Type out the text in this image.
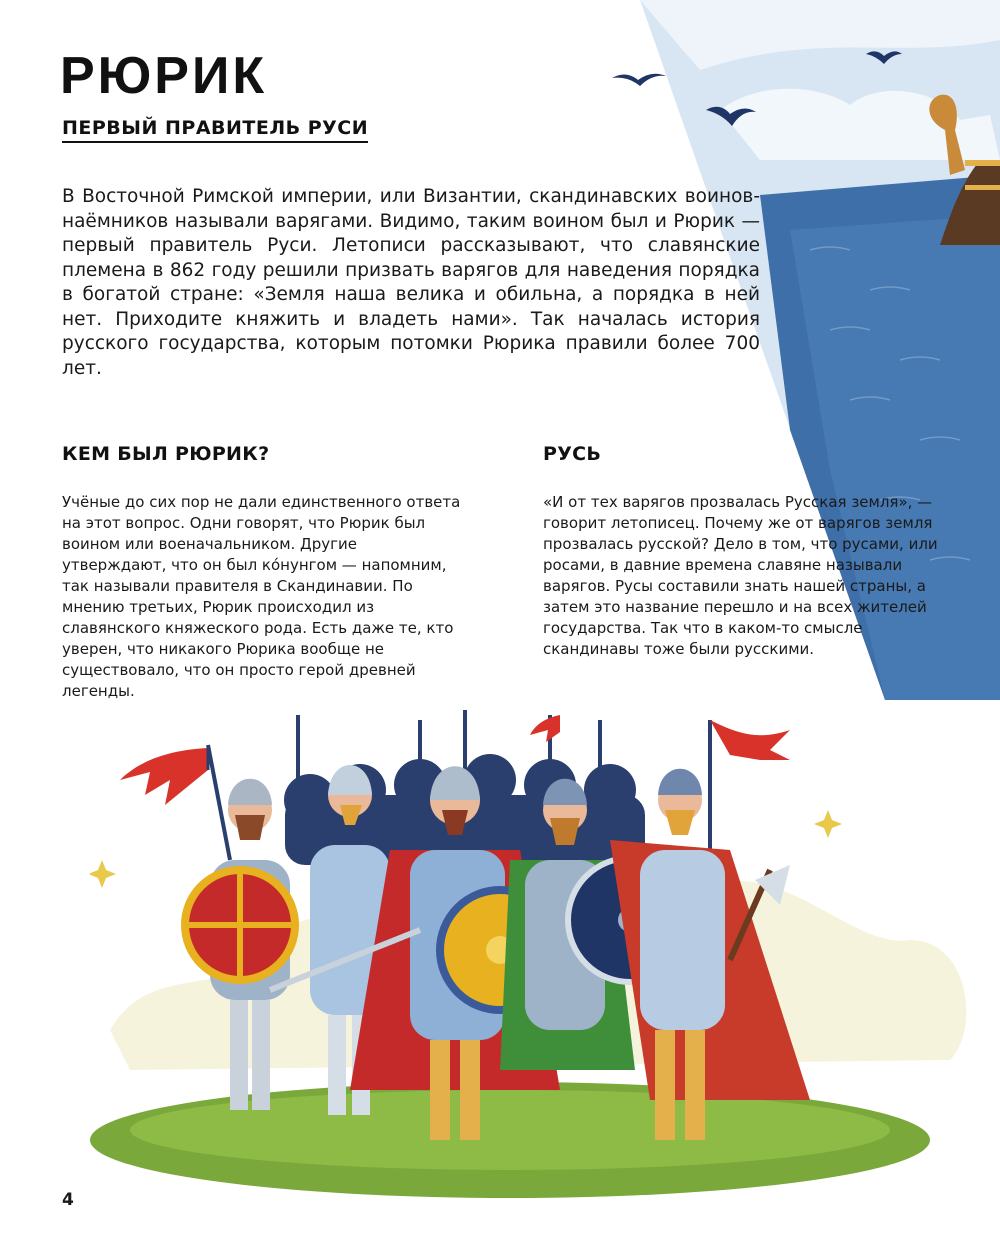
РЮРИК
ПЕРВЫЙ ПРАВИТЕЛЬ РУСИ

В Восточной Римской империи, или Византии, скандинавских воинов-наёмников называли варягами. Видимо, таким воином был и Рюрик — первый правитель Руси. Летописи рассказывают, что славянские племена в 862 году решили призвать варягов для наведения порядка в богатой стране: «Земля наша велика и обильна, а порядка в ней нет. Приходите княжить и владеть нами». Так началась история русского государства, которым потомки Рюрика правили более 700 лет.

КЕМ БЫЛ РЮРИК?

Учёные до сих пор не дали единственного ответа на этот вопрос. Одни говорят, что Рюрик был воином или военачальником. Другие утверждают, что он был ко́нунгом — напомним, так называли правителя в Скандинавии. По мнению третьих, Рюрик происходил из славянского княжеского рода. Есть даже те, кто уверен, что никакого Рюрика вообще не существовало, что он просто герой древней легенды.

РУСЬ

«И от тех варягов прозвалась Русская земля», — говорит летописец. Почему же от варягов земля прозвалась русской? Дело в том, что русами, или росами, в давние времена славяне называли варягов. Русы составили знать нашей страны, а затем это название перешло и на всех жителей государства. Так что в каком-то смысле скандинавы тоже были русскими.

4
